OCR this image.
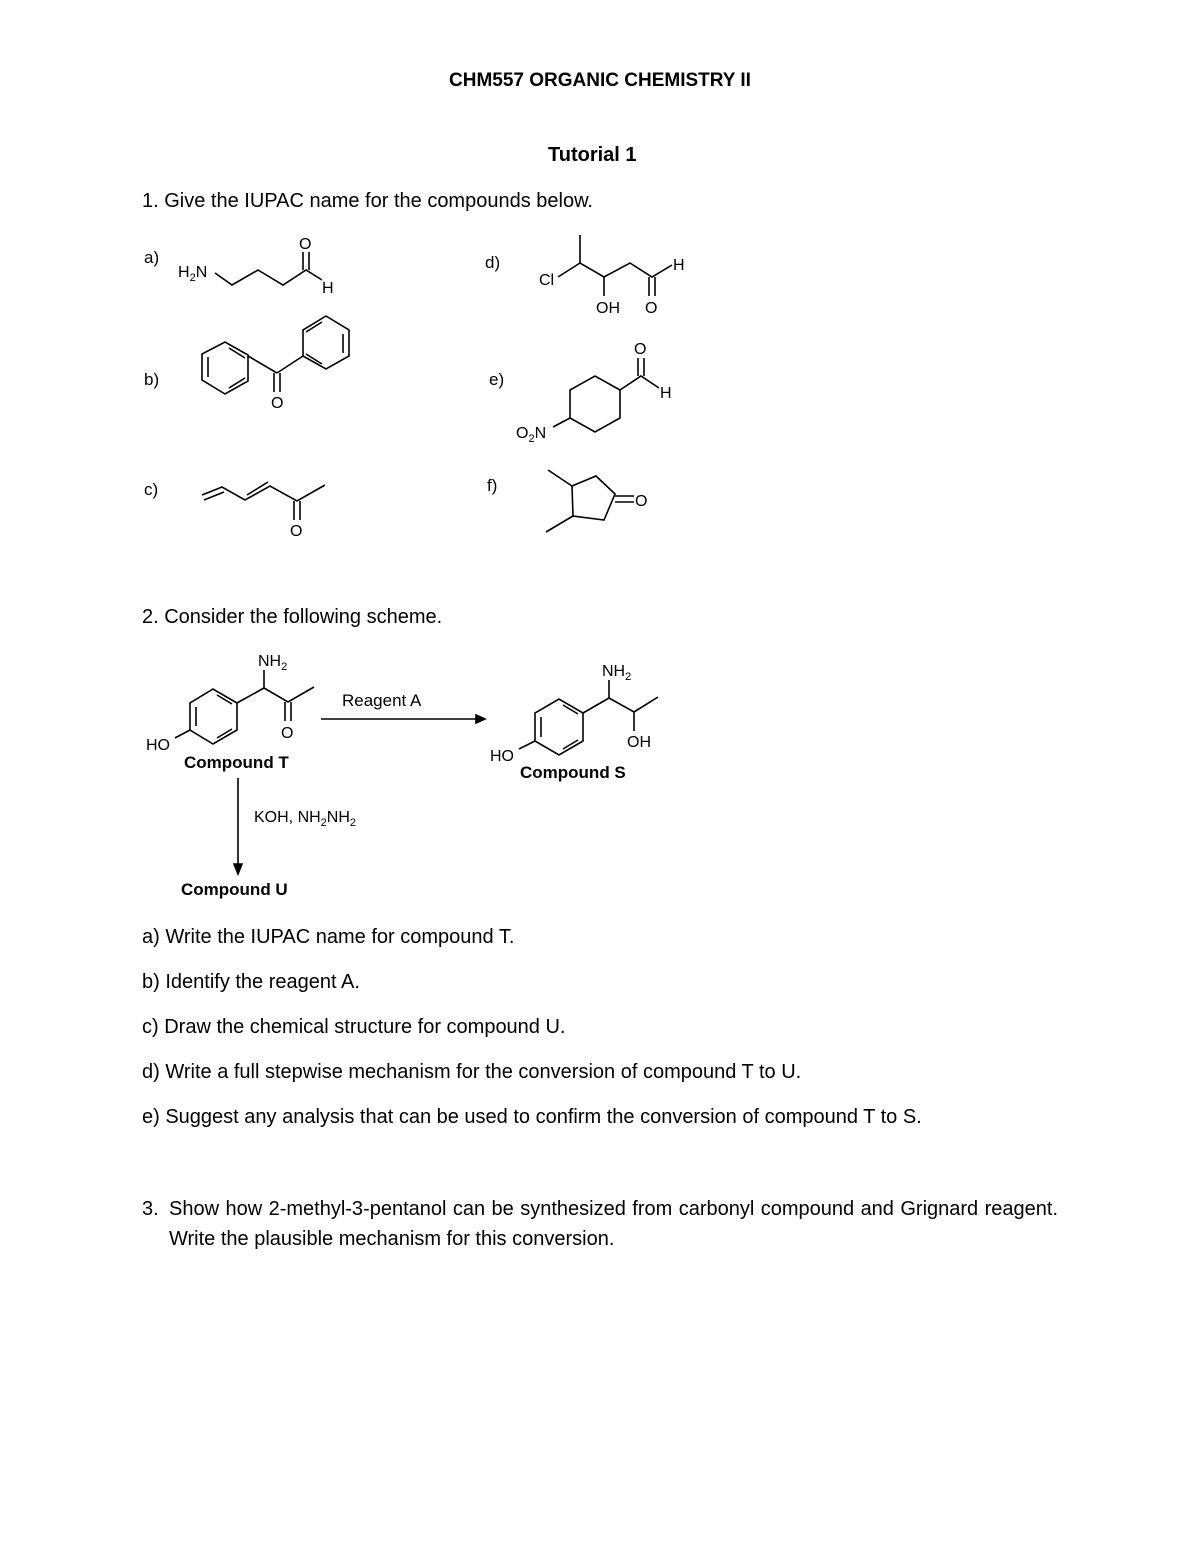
CHM557 ORGANIC CHEMISTRY II
Tutorial 1
1. Give the IUPAC name for the compounds below.
a)
b)
c)
d)
e)
f)
$H_2N$
O
H
O
O
Cl
OH O
H
$O_2N$
O
H
O
HO
$NH_2$
O
HO
$NH_2$
OH
KOH, $NH_2NH_2$
2. Consider the following scheme.
Compound T
Reagent A
Compound S
Compound U
a) Write the IUPAC name for compound T.
b) Identify the reagent A.
c) Draw the chemical structure for compound U.
d) Write a full stepwise mechanism for the conversion of compound T to U.
e) Suggest any analysis that can be used to confirm the conversion of compound T to S.
3. Show how 2-methyl-3-pentanol can be synthesized from carbonyl compound and Grignard reagent. Write the plausible mechanism for this conversion.
